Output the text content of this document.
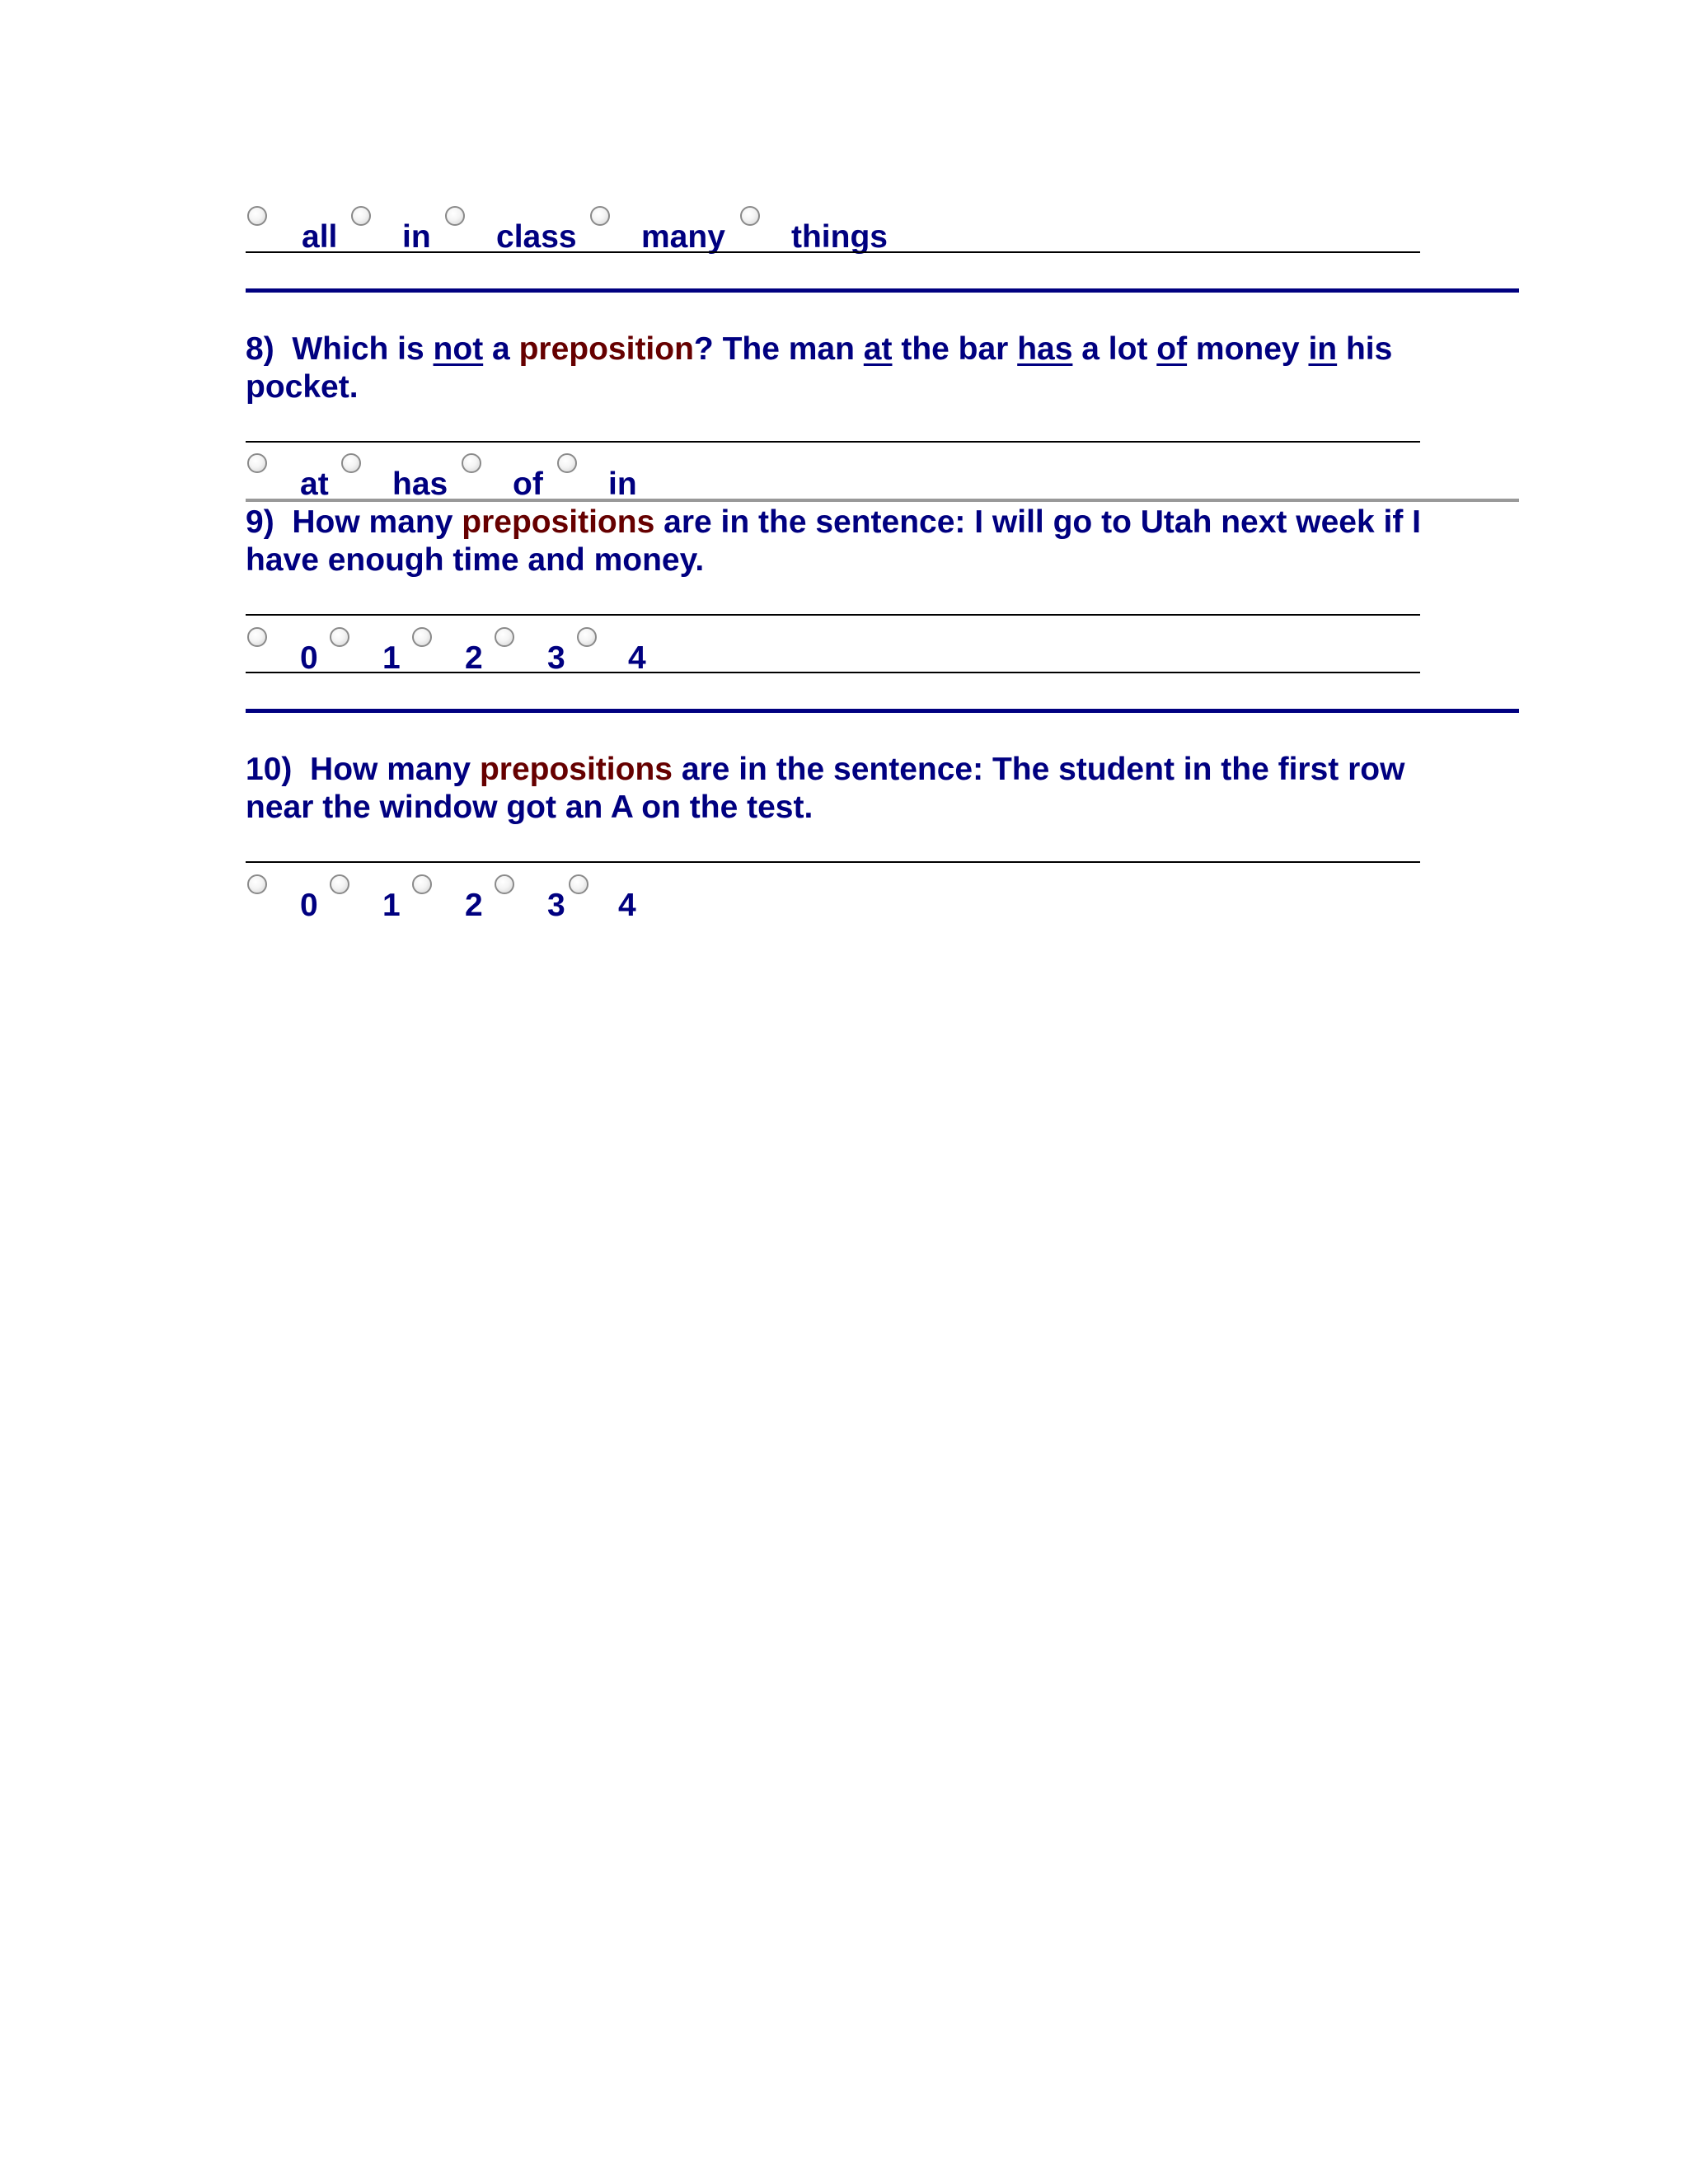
all in class many things
8) Which is not a preposition? The man at the bar has a lot of money in his pocket.
at has of in
9) How many prepositions are in the sentence: I will go to Utah next week if I have enough time and money.
0 1 2 3 4
10) How many prepositions are in the sentence: The student in the first row near the window got an A on the test.
0 1 2 3 4
